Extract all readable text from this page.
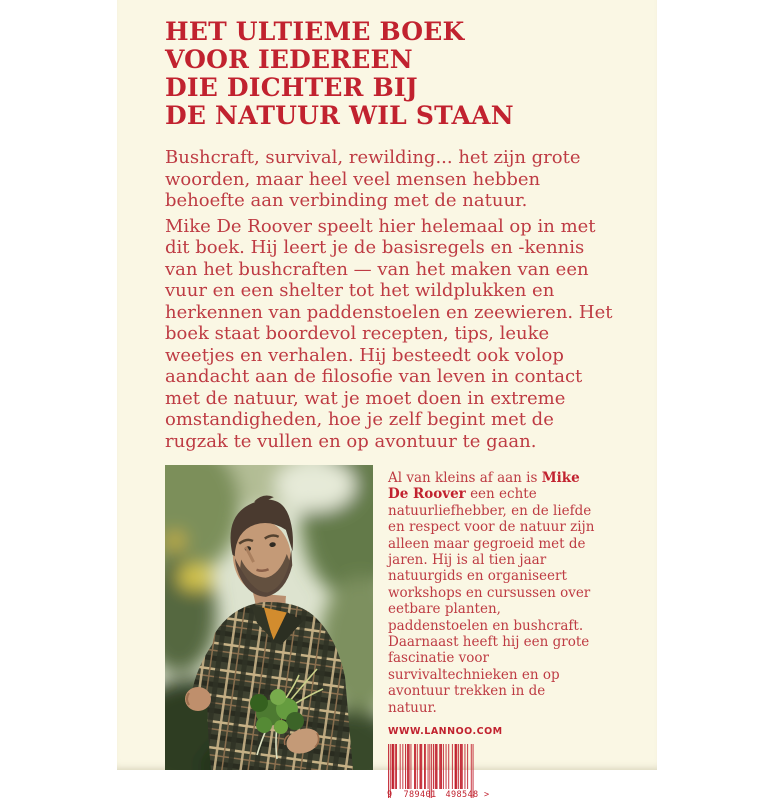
HET ULTIEME BOEK
VOOR IEDEREEN
DIE DICHTER BIJ
DE NATUUR WIL STAAN

Bushcraft, survival, rewilding... het zijn grote woorden, maar heel veel mensen hebben behoefte aan verbinding met de natuur.

Mike De Roover speelt hier helemaal op in met dit boek. Hij leert je de basisregels en -kennis van het bushcraften — van het maken van een vuur en een shelter tot het wildplukken en herkennen van paddenstoelen en zeewieren. Het boek staat boordevol recepten, tips, leuke weetjes en verhalen. Hij besteedt ook volop aandacht aan de filosofie van leven in contact met de natuur, wat je moet doen in extreme omstandigheden, hoe je zelf begint met de rugzak te vullen en op avontuur te gaan.

Al van kleins af aan is Mike De Roover een echte natuurliefhebber, en de liefde en respect voor de natuur zijn alleen maar gegroeid met de jaren. Hij is al tien jaar natuurgids en organiseert workshops en cursussen over eetbare planten, paddenstoelen en bushcraft. Daarnaast heeft hij een grote fascinatie voor survivaltechnieken en op avontuur trekken in de natuur.

WWW.LANNOO.COM
9 789401 498548 >
